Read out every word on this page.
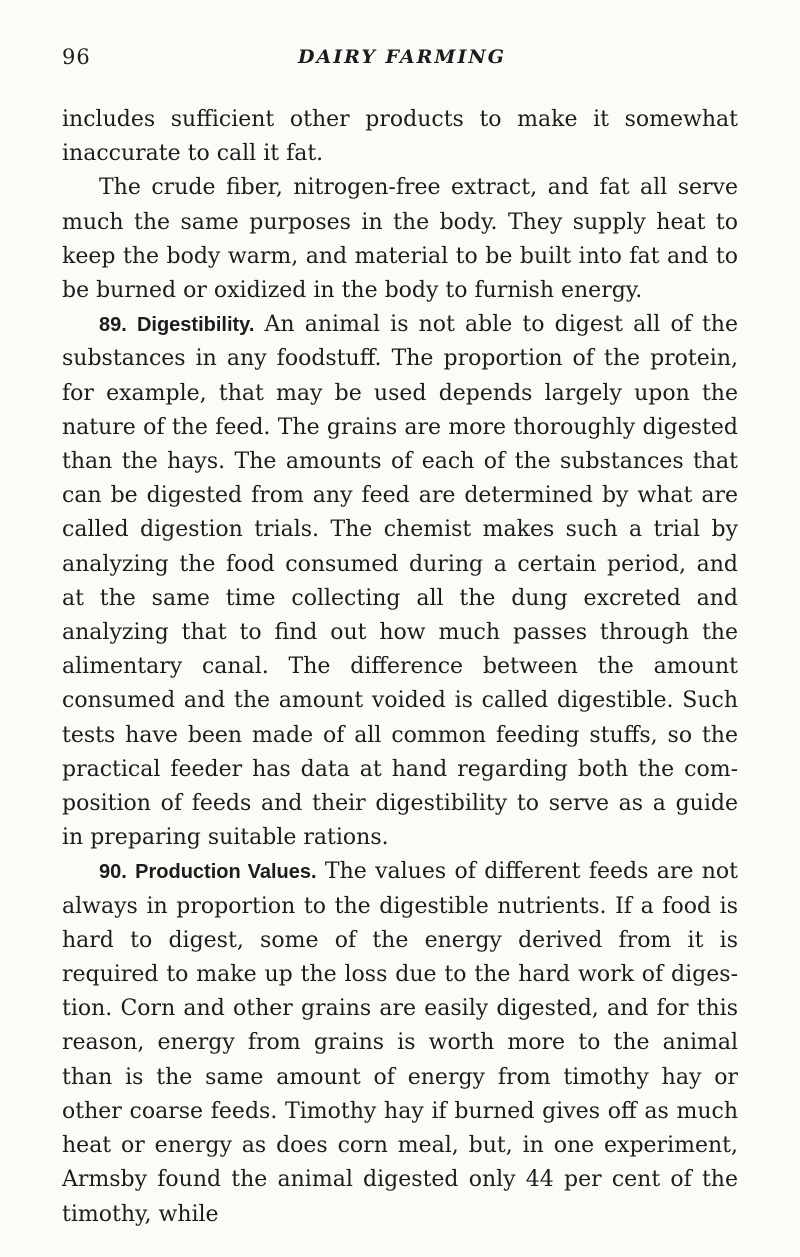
96	DAIRY FARMING

includes sufficient other products to make it somewhat inaccurate to call it fat.

The crude fiber, nitrogen-free extract, and fat all serve much the same purposes in the body. They supply heat to keep the body warm, and material to be built into fat and to be burned or oxidized in the body to furnish energy.

89. Digestibility. An animal is not able to digest all of the substances in any foodstuff. The proportion of the protein, for example, that may be used depends largely upon the nature of the feed. The grains are more thoroughly digested than the hays. The amounts of each of the substances that can be digested from any feed are determined by what are called digestion trials. The chemist makes such a trial by analyzing the food consumed during a certain period, and at the same time collecting all the dung excreted and analyzing that to find out how much passes through the alimentary canal. The difference between the amount consumed and the amount voided is called digestible. Such tests have been made of all common feeding stuffs, so the practical feeder has data at hand regarding both the composition of feeds and their digestibility to serve as a guide in preparing suitable rations.

90. Production Values. The values of different feeds are not always in proportion to the digestible nutrients. If a food is hard to digest, some of the energy derived from it is required to make up the loss due to the hard work of digestion. Corn and other grains are easily digested, and for this reason, energy from grains is worth more to the animal than is the same amount of energy from timothy hay or other coarse feeds. Timothy hay if burned gives off as much heat or energy as does corn meal, but, in one experiment, Armsby found the animal digested only 44 per cent of the timothy, while
